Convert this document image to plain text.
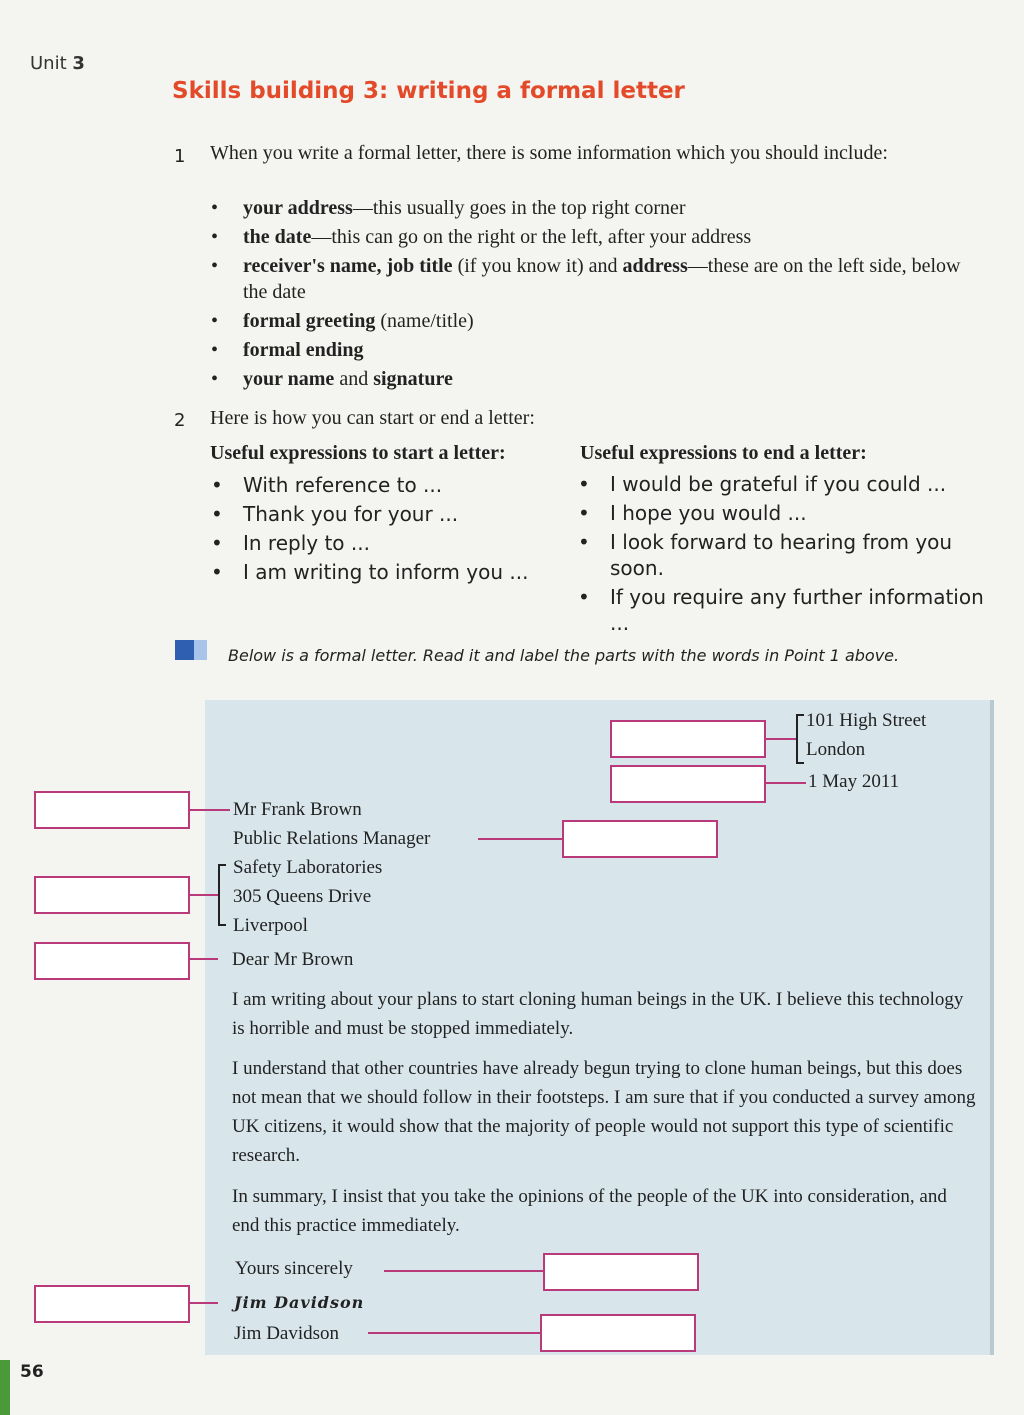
Unit 3
Skills building 3: writing a formal letter
1 When you write a formal letter, there is some information which you should include:
• your address—this usually goes in the top right corner
• the date—this can go on the right or the left, after your address
• receiver's name, job title (if you know it) and address—these are on the left side, below the date
• formal greeting (name/title)
• formal ending
• your name and signature
2 Here is how you can start or end a letter:
Useful expressions to start a letter:	Useful expressions to end a letter:
• With reference to ...
• Thank you for your ...
• In reply to ...
• I am writing to inform you ...
• I would be grateful if you could ...
• I hope you would ...
• I look forward to hearing from you soon.
• If you require any further information ...
Below is a formal letter. Read it and label the parts with the words in Point 1 above.
101 High Street
London
1 May 2011
Mr Frank Brown
Public Relations Manager
Safety Laboratories
305 Queens Drive
Liverpool
Dear Mr Brown
I am writing about your plans to start cloning human beings in the UK. I believe this technology is horrible and must be stopped immediately.
I understand that other countries have already begun trying to clone human beings, but this does not mean that we should follow in their footsteps. I am sure that if you conducted a survey among UK citizens, it would show that the majority of people would not support this type of scientific research.
In summary, I insist that you take the opinions of the people of the UK into consideration, and end this practice immediately.
Yours sincerely
Jim Davidson
Jim Davidson
56
